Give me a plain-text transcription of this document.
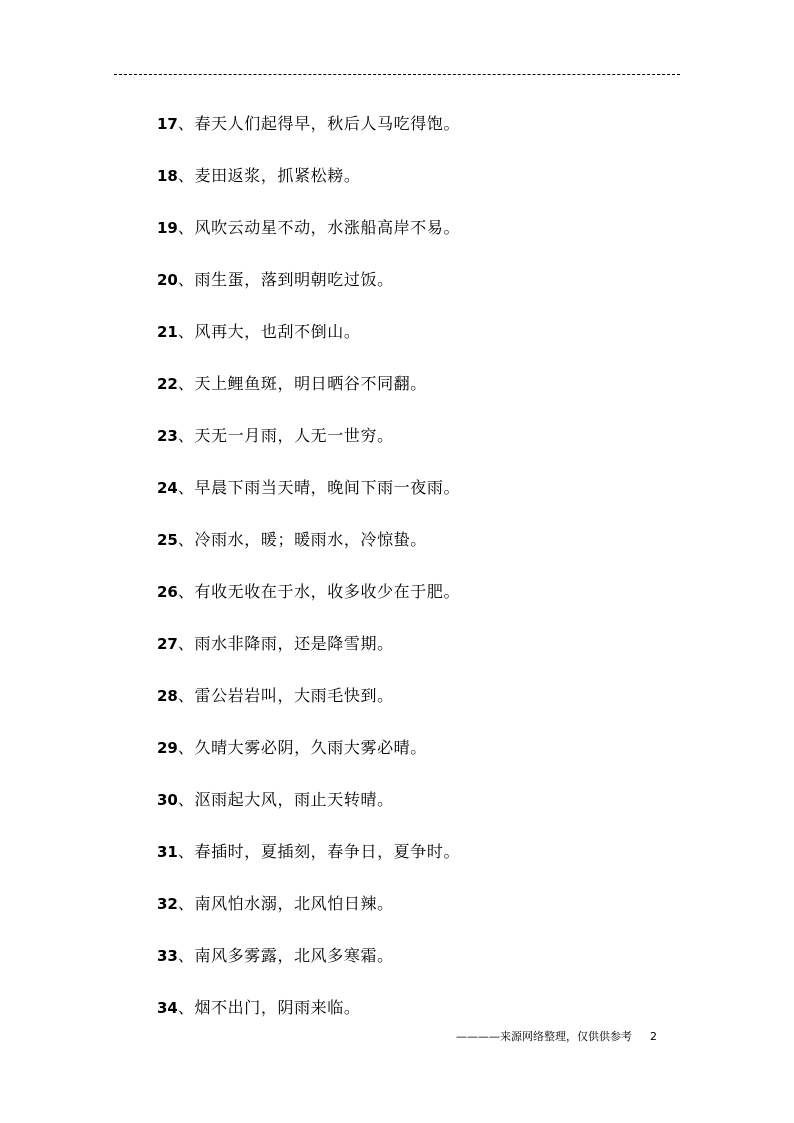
17、春天人们起得早，秋后人马吃得饱。
18、麦田返浆，抓紧松耪。
19、风吹云动星不动，水涨船高岸不易。
20、雨生蛋，落到明朝吃过饭。
21、风再大，也刮不倒山。
22、天上鲤鱼斑，明日晒谷不同翻。
23、天无一月雨，人无一世穷。
24、早晨下雨当天晴，晚间下雨一夜雨。
25、冷雨水，暖；暖雨水，冷惊蛰。
26、有收无收在于水，收多收少在于肥。
27、雨水非降雨，还是降雪期。
28、雷公岩岩叫，大雨毛快到。
29、久晴大雾必阴，久雨大雾必晴。
30、沤雨起大风，雨止天转晴。
31、春插时，夏插刻，春争日，夏争时。
32、南风怕水溺，北风怕日辣。
33、南风多雾露，北风多寒霜。
34、烟不出门，阴雨来临。
————来源网络整理，仅供供参考 2
